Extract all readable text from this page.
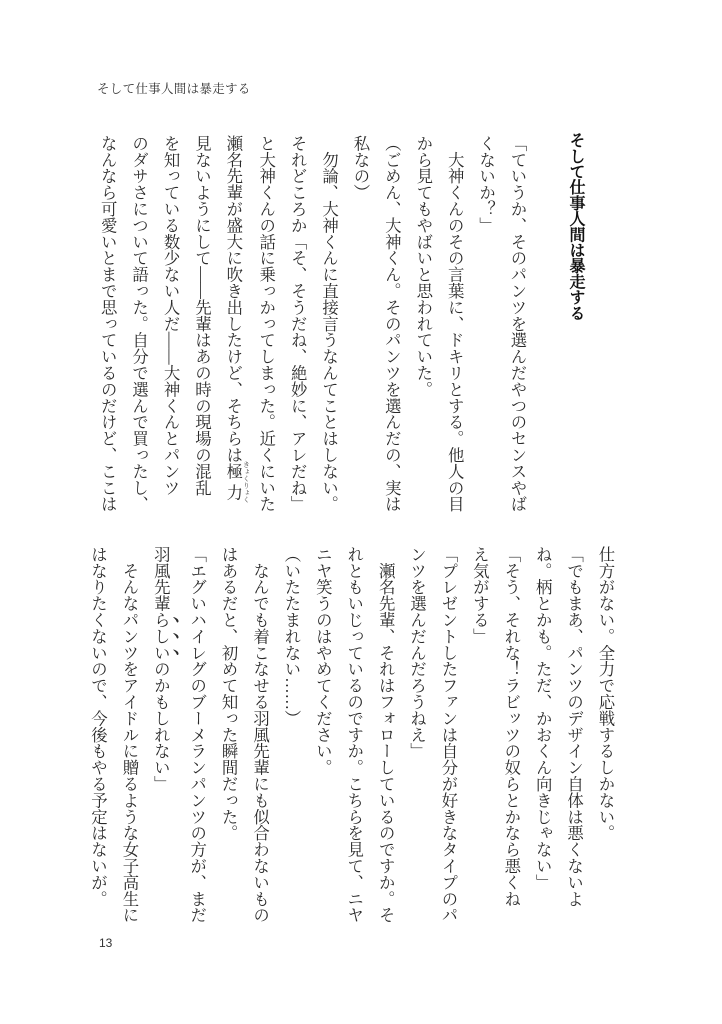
そして仕事人間は暴走する
そして仕事人間は暴走する
「ていうか、そのパンツを選んだやつのセンスやば
くないか？」
　大神くんのその言葉に、ドキリとする。他人の目
から見てもやばいと思われていた。
（ごめん、大神くん。そのパンツを選んだの、実は
私なの）
　勿論、大神くんに直接言うなんてことはしない。
それどころか「そ、そうだね、絶妙に、アレだね」
と大神くんの話に乗っかってしまった。近くにいた
瀬名先輩が盛大に吹き出したけど、そちらは極力 きょくりょく
見ないようにして――先輩はあの時の現場の混乱
を知っている数少ない人だ――大神くんとパンツ
のダサさについて語った。自分で選んで買ったし、
なんなら可愛いとまで思っているのだけど、ここは
仕方がない。全力で応戦するしかない。
「でもまあ、パンツのデザイン自体は悪くないよ
ね。柄とかも。ただ、かおくん向きじゃない」
「そう、それな！ラビッツの奴らとかなら悪くね
え気がする」
「プレゼントしたファンは自分が好きなタイプのパ
ンツを選んだんだろうねえ」
　瀬名先輩、それはフォローしているのですか。そ
れともいじっているのですか。こちらを見て、ニヤ
ニヤ笑うのはやめてください。
（いたたまれない……）
　なんでも着こなせる羽風先輩にも似合わないもの
はあるだと、初めて知った瞬間だった。
「エグいハイレグのブーメランパンツの方が、まだ
羽風先輩らしいのかもしれない」
　そんなパンツをアイドルに贈るような女子高生に
はなりたくないので、今後もやる予定はないが。
13
